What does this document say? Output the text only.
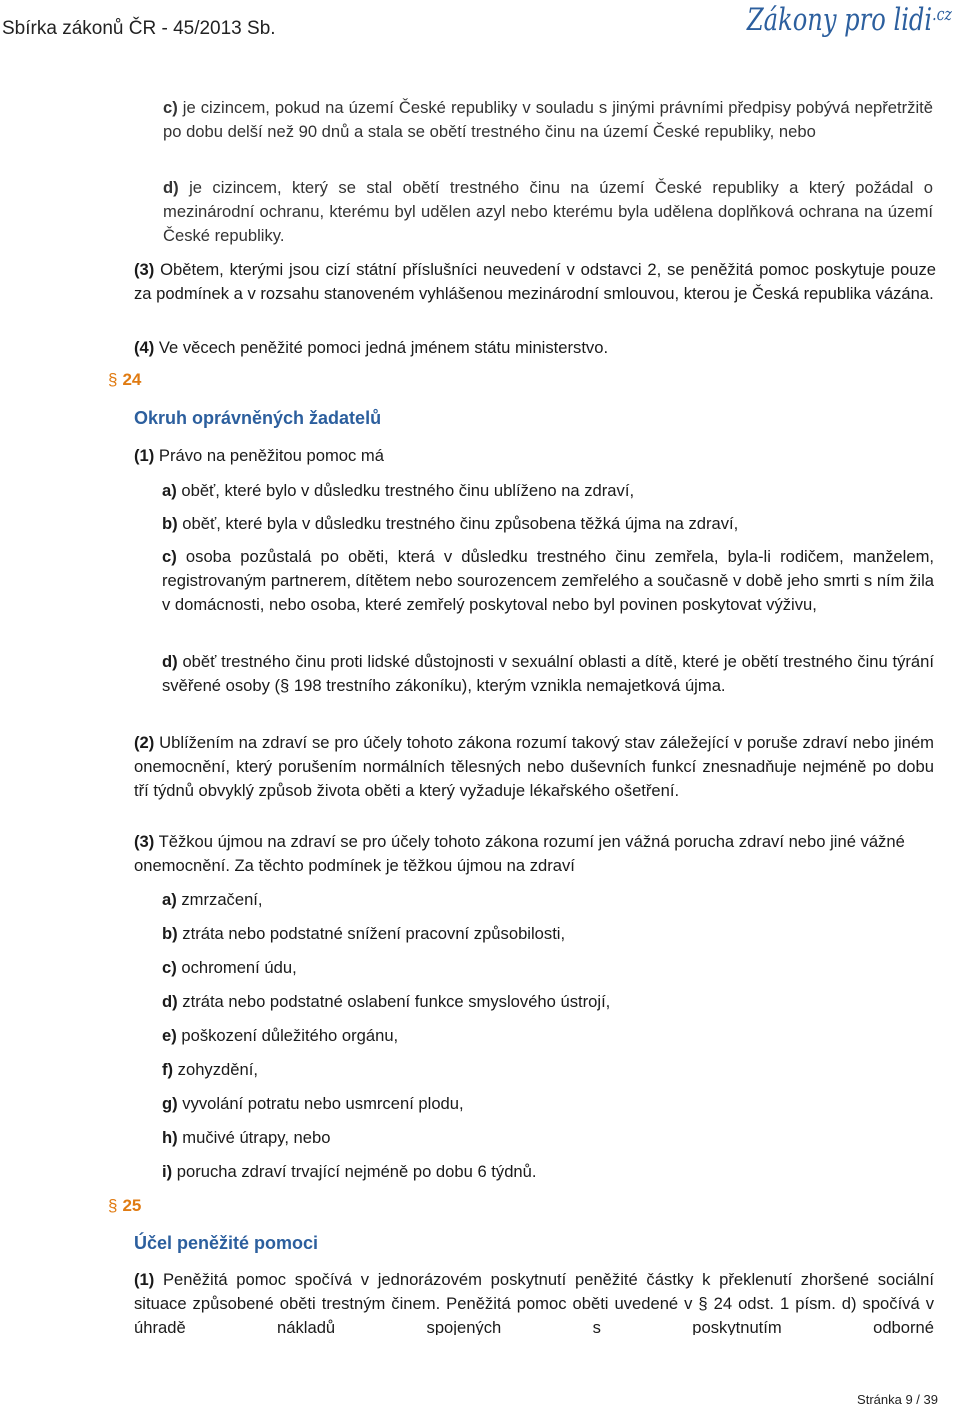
Sbírka zákonů ČR - 45/2013 Sb.	Zákony pro lidi$^{.cz}$

c) je cizincem, pokud na území České republiky v souladu s jinými právními předpisy pobývá nepřetržitě po dobu delší než 90 dnů a stala se obětí trestného činu na území České republiky, nebo

d) je cizincem, který se stal obětí trestného činu na území České republiky a který požádal o mezinárodní ochranu, kterému byl udělen azyl nebo kterému byla udělena doplňková ochrana na území České republiky.

(3) Obětem, kterými jsou cizí státní příslušníci neuvedení v odstavci 2, se peněžitá pomoc poskytuje pouze za podmínek a v rozsahu stanoveném vyhlášenou mezinárodní smlouvou, kterou je Česká republika vázána.

(4) Ve věcech peněžité pomoci jedná jménem státu ministerstvo.

§ 24
Okruh oprávněných žadatelů

(1) Právo na peněžitou pomoc má

a) oběť, které bylo v důsledku trestného činu ublíženo na zdraví,

b) oběť, které byla v důsledku trestného činu způsobena těžká újma na zdraví,

c) osoba pozůstalá po oběti, která v důsledku trestného činu zemřela, byla-li rodičem, manželem, registrovaným partnerem, dítětem nebo sourozencem zemřelého a současně v době jeho smrti s ním žila v domácnosti, nebo osoba, které zemřelý poskytoval nebo byl povinen poskytovat výživu,

d) oběť trestného činu proti lidské důstojnosti v sexuální oblasti a dítě, které je obětí trestného činu týrání svěřené osoby (§ 198 trestního zákoníku), kterým vznikla nemajetková újma.

(2) Ublížením na zdraví se pro účely tohoto zákona rozumí takový stav záležející v poruše zdraví nebo jiném onemocnění, který porušením normálních tělesných nebo duševních funkcí znesnadňuje nejméně po dobu tří týdnů obvyklý způsob života oběti a který vyžaduje lékařského ošetření.

(3) Těžkou újmou na zdraví se pro účely tohoto zákona rozumí jen vážná porucha zdraví nebo jiné vážné onemocnění. Za těchto podmínek je těžkou újmou na zdraví

a) zmrzačení,

b) ztráta nebo podstatné snížení pracovní způsobilosti,

c) ochromení údu,

d) ztráta nebo podstatné oslabení funkce smyslového ústrojí,

e) poškození důležitého orgánu,

f) zohyzdění,

g) vyvolání potratu nebo usmrcení plodu,

h) mučivé útrapy, nebo

i) porucha zdraví trvající nejméně po dobu 6 týdnů.

§ 25
Účel peněžité pomoci

(1) Peněžitá pomoc spočívá v jednorázovém poskytnutí peněžité částky k překlenutí zhoršené sociální situace způsobené oběti trestným činem. Peněžitá pomoc oběti uvedené v § 24 odst. 1 písm. d) spočívá v úhradě nákladů spojených s poskytnutím odborné

Stránka 9 / 39
